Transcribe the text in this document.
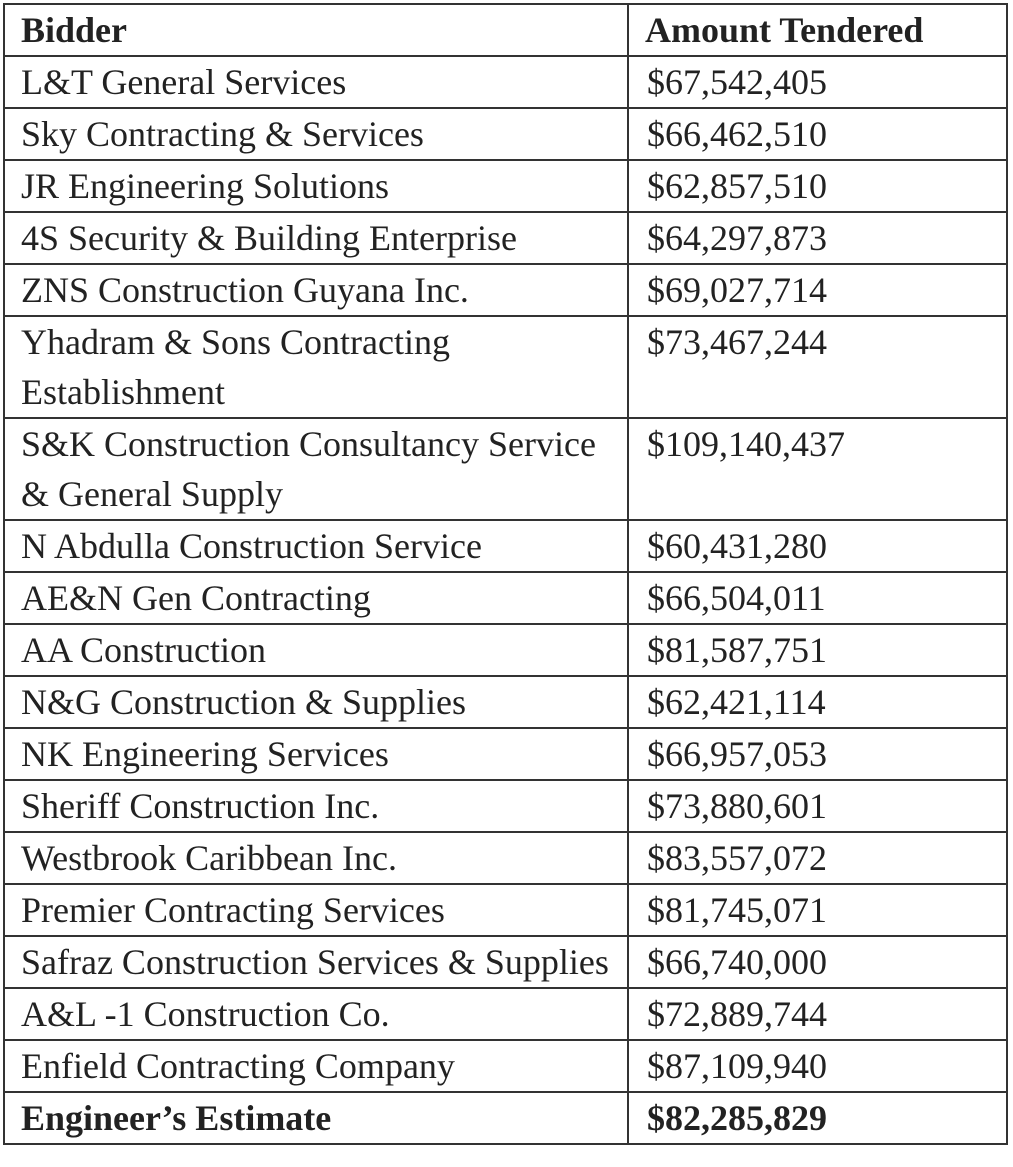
Bidder	Amount Tendered
L&T General Services	$67,542,405
Sky Contracting & Services	$66,462,510
JR Engineering Solutions	$62,857,510
4S Security & Building Enterprise	$64,297,873
ZNS Construction Guyana Inc.	$69,027,714
Yhadram & Sons Contracting Establishment	$73,467,244
S&K Construction Consultancy Service & General Supply	$109,140,437
N Abdulla Construction Service	$60,431,280
AE&N Gen Contracting	$66,504,011
AA Construction	$81,587,751
N&G Construction & Supplies	$62,421,114
NK Engineering Services	$66,957,053
Sheriff Construction Inc.	$73,880,601
Westbrook Caribbean Inc.	$83,557,072
Premier Contracting Services	$81,745,071
Safraz Construction Services & Supplies	$66,740,000
A&L -1 Construction Co.	$72,889,744
Enfield Contracting Company	$87,109,940
Engineer’s Estimate	$82,285,829
